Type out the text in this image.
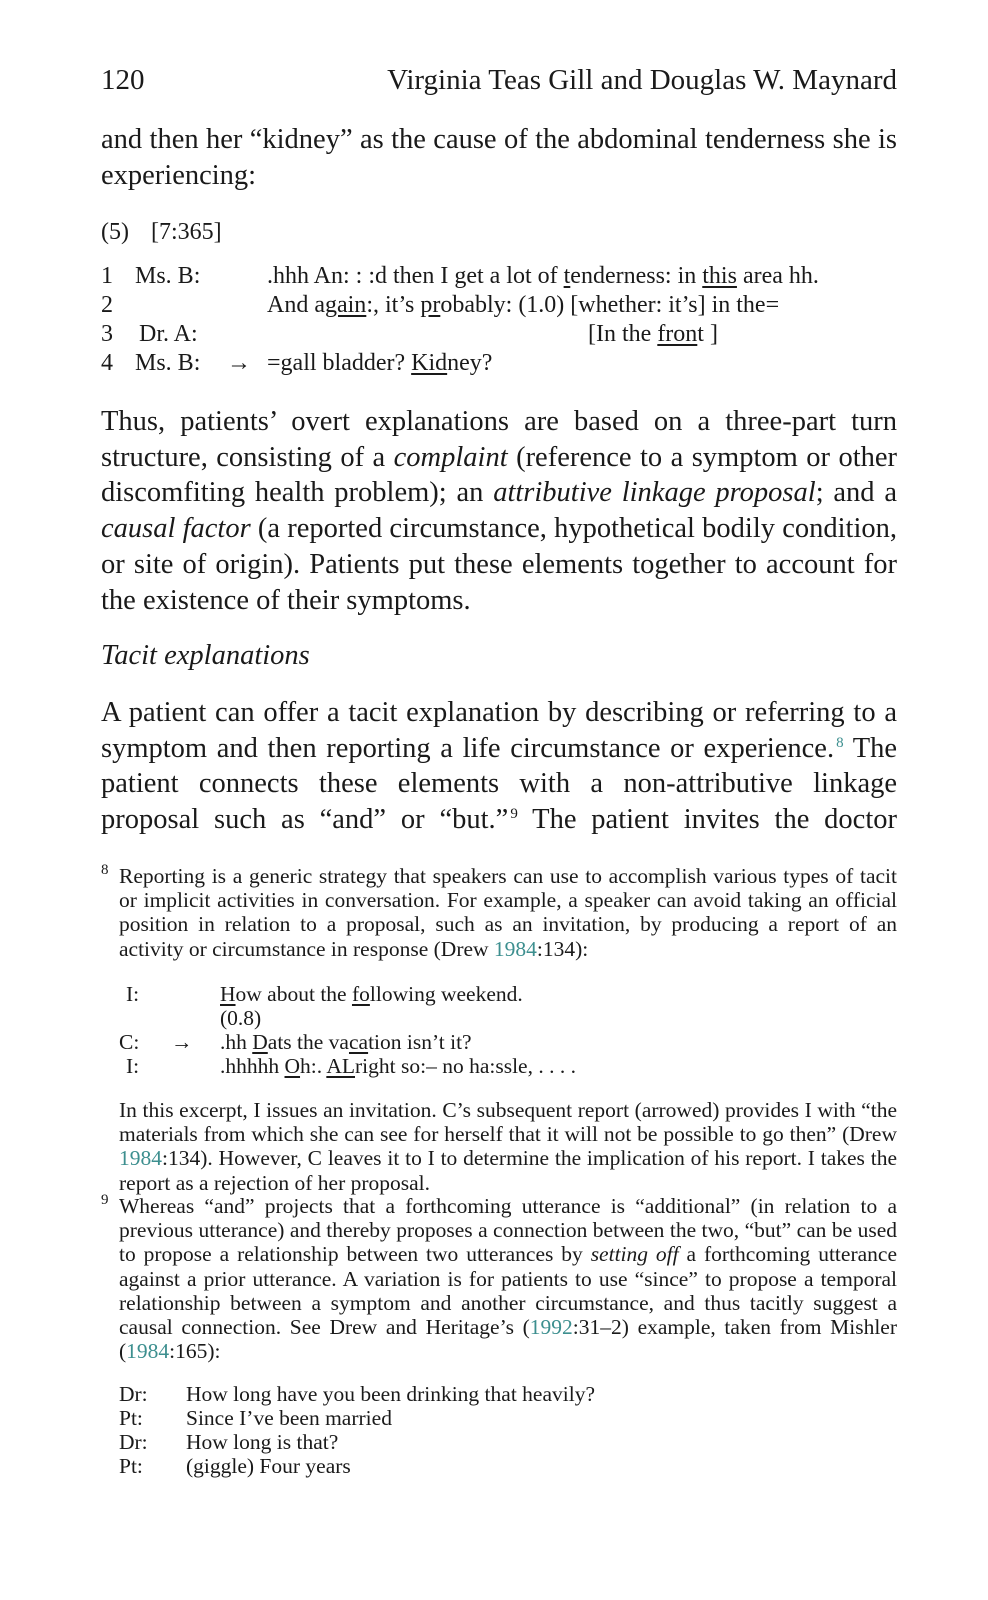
120	Virginia Teas Gill and Douglas W. Maynard

and then her “kidney” as the cause of the abdominal tenderness she is experiencing:

(5) [7:365]
1 Ms. B:	.hhh An: : :d then I get a lot of tenderness: in this area hh.
2	And again:, it’s probably: (1.0) [whether: it’s] in the=
3	Dr. A:	[In the front ]
4 Ms. B: → =gall bladder? Kidney?

Thus, patients’ overt explanations are based on a three-part turn structure, consisting of a complaint (reference to a symptom or other discomfiting health problem); an attributive linkage proposal; and a causal factor (a reported circumstance, hypothetical bodily condition, or site of origin). Patients put these elements together to account for the existence of their symptoms.

Tacit explanations

A patient can offer a tacit explanation by describing or referring to a symptom and then reporting a life circumstance or experience. $^8$ The patient connects these elements with a non-attributive linkage proposal such as “and” or “but.” $^9$ The patient invites the doctor

8 Reporting is a generic strategy that speakers can use to accomplish various types of tacit or implicit activities in conversation. For example, a speaker can avoid taking an official position in relation to a proposal, such as an invitation, by producing a report of an activity or circumstance in response (Drew 1984:134):

I:	How about the following weekend.
(0.8)
C: → .hh Dats the vacation isn’t it?
I:	.hhhhh Oh:. ALright so:– no ha:ssle, . . . .

In this excerpt, I issues an invitation. C’s subsequent report (arrowed) provides I with “the materials from which she can see for herself that it will not be possible to go then” (Drew 1984:134). However, C leaves it to I to determine the implication of his report. I takes the report as a rejection of her proposal.

9 Whereas “and” projects that a forthcoming utterance is “additional” (in relation to a previous utterance) and thereby proposes a connection between the two, “but” can be used to propose a relationship between two utterances by setting off a forthcoming utterance against a prior utterance. A variation is for patients to use “since” to propose a temporal relationship between a symptom and another circumstance, and thus tacitly suggest a causal connection. See Drew and Heritage’s (1992:31–2) example, taken from Mishler (1984:165):

Dr: How long have you been drinking that heavily?
Pt: Since I’ve been married
Dr: How long is that?
Pt: (giggle) Four years
